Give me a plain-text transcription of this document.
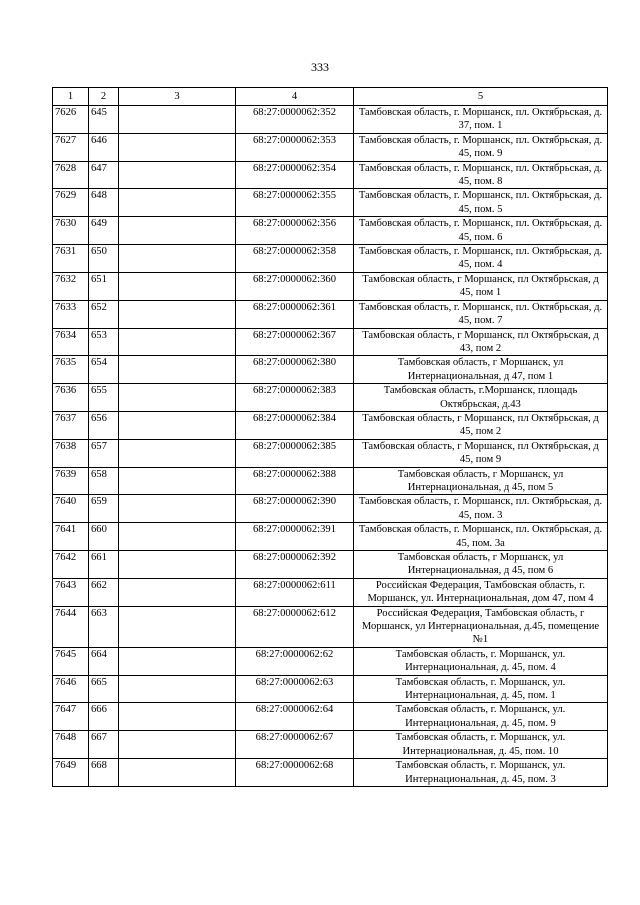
333
1	2	3	4	5
7626	645		68:27:0000062:352	Тамбовская область, г. Моршанск, пл. Октябрьская, д. 37, пом. 1
7627	646		68:27:0000062:353	Тамбовская область, г. Моршанск, пл. Октябрьская, д. 45, пом. 9
7628	647		68:27:0000062:354	Тамбовская область, г. Моршанск, пл. Октябрьская, д. 45, пом. 8
7629	648		68:27:0000062:355	Тамбовская область, г. Моршанск, пл. Октябрьская, д. 45, пом. 5
7630	649		68:27:0000062:356	Тамбовская область, г. Моршанск, пл. Октябрьская, д. 45, пом. 6
7631	650		68:27:0000062:358	Тамбовская область, г. Моршанск, пл. Октябрьская, д. 45, пом. 4
7632	651		68:27:0000062:360	Тамбовская область, г Моршанск, пл Октябрьская, д 45, пом 1
7633	652		68:27:0000062:361	Тамбовская область, г. Моршанск, пл. Октябрьская, д. 45, пом. 7
7634	653		68:27:0000062:367	Тамбовская область, г Моршанск, пл Октябрьская, д 43, пом 2
7635	654		68:27:0000062:380	Тамбовская область, г Моршанск, ул Интернациональная, д 47, пом 1
7636	655		68:27:0000062:383	Тамбовская область, г.Моршанск, площадь Октябрьская, д.43
7637	656		68:27:0000062:384	Тамбовская область, г Моршанск, пл Октябрьская, д 45, пом 2
7638	657		68:27:0000062:385	Тамбовская область, г Моршанск, пл Октябрьская, д 45, пом 9
7639	658		68:27:0000062:388	Тамбовская область, г Моршанск, ул Интернациональная, д 45, пом 5
7640	659		68:27:0000062:390	Тамбовская область, г. Моршанск, пл. Октябрьская, д. 45, пом. 3
7641	660		68:27:0000062:391	Тамбовская область, г. Моршанск, пл. Октябрьская, д. 45, пом. 3а
7642	661		68:27:0000062:392	Тамбовская область, г Моршанск, ул Интернациональная, д 45, пом 6
7643	662		68:27:0000062:611	Российская Федерация, Тамбовская область, г. Моршанск, ул. Интернациональная, дом 47, пом 4
7644	663		68:27:0000062:612	Российская Федерация, Тамбовская область, г Моршанск, ул Интернациональная, д.45, помещение №1
7645	664		68:27:0000062:62	Тамбовская область, г. Моршанск, ул. Интернациональная, д. 45, пом. 4
7646	665		68:27:0000062:63	Тамбовская область, г. Моршанск, ул. Интернациональная, д. 45, пом. 1
7647	666		68:27:0000062:64	Тамбовская область, г. Моршанск, ул. Интернациональная, д. 45, пом. 9
7648	667		68:27:0000062:67	Тамбовская область, г. Моршанск, ул. Интернациональная, д. 45, пом. 10
7649	668		68:27:0000062:68	Тамбовская область, г. Моршанск, ул. Интернациональная, д. 45, пом. 3
